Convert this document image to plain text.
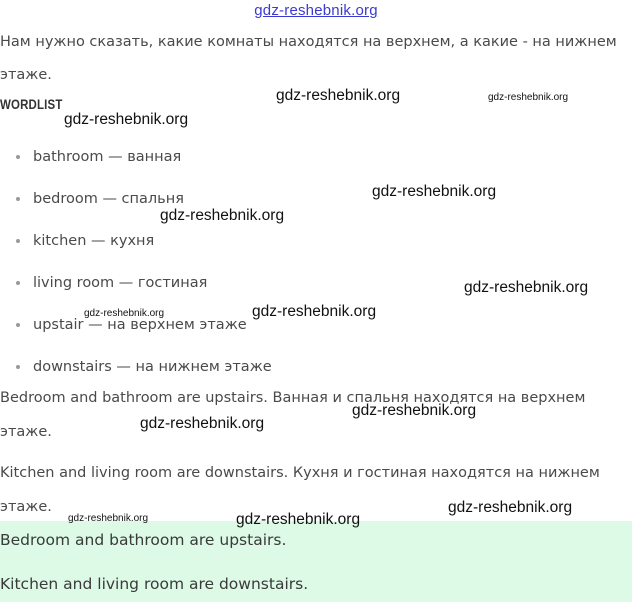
gdz-reshebnik.org

Нам нужно сказать, какие комнаты находятся на верхнем, а какие - на нижнем

этаже.

WORDLIST
bathroom — ванная
bedroom — спальня
kitchen — кухня
living room — гостиная
upstair — на верхнем этаже
downstairs — на нижнем этаже

Bedroom and bathroom are upstairs. Ванная и спальня находятся на верхнем

этаже.

Kitchen and living room are downstairs. Кухня и гостиная находятся на нижнем

этаже.

Bedroom and bathroom are upstairs.
Kitchen and living room are downstairs.
gdz-reshebnik.org	gdz-reshebnik.org
gdz-reshebnik.org
gdz-reshebnik.org
gdz-reshebnik.org
gdz-reshebnik.org
gdz-reshebnik.org	gdz-reshebnik.org
gdz-reshebnik.org
gdz-reshebnik.org
gdz-reshebnik.org
gdz-reshebnik.org	gdz-reshebnik.org
